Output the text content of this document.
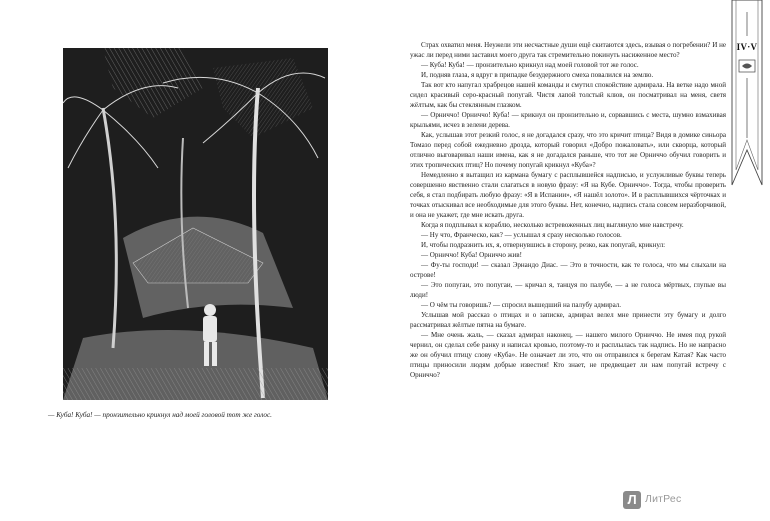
— Куба! Куба! — пронзительно крикнул над моей головой тот же голос.

Страх охватил меня. Неужели эти несчастные души ещё скитаются здесь, взывая о погребении? И не ужас ли перед ними заставил моего друга так стремительно покинуть насиженное место?

— Куба! Куба! — пронзительно крикнул над моей головой тот же голос.

И, подняв глаза, я вдруг в припадке безудержного смеха повалился на землю.

Так вот кто напугал храбрецов нашей команды и смутил спокойствие адмирала. На ветке надо мной сидел красивый серо-красный попугай. Чистя лапой толстый клюв, он посматривал на меня, светя жёлтым, как бы стеклянным глазком.

— Орниччо! Орниччо! Куба! — крикнул он пронзительно и, сорвавшись с места, шумно взмахивая крыльями, исчез в зелени дерева.

Как, услышав этот резкий голос, я не догадался сразу, что это кричит птица? Видя в домике синьора Томазо перед собой ежедневно дрозда, который говорил «Добро пожаловать», или скворца, который отлично выговаривал наши имена, как я не догадался раньше, что тот же Орниччо обучил говорить и этих тропических птиц? Но почему попугай крикнул «Куба»?

Немедленно я вытащил из кармана бумагу с расплывшейся надписью, и услужливые буквы теперь совершенно явственно стали слагаться в новую фразу: «Я на Кубе. Орниччо». Тогда, чтобы проверить себя, я стал подбирать любую фразу: «Я в Испании», «Я нашёл золото». И в расплывшихся чёрточках и точках отыскивал все необходимые для этого буквы. Нет, конечно, надпись стала совсем неразборчивой, и она не укажет, где мне искать друга.

Когда я подплывал к кораблю, несколько встревоженных лиц выглянуло мне навстречу.

— Ну что, Франческо, как? — услышал я сразу несколько голосов.

И, чтобы подразнить их, я, отвернувшись в сторону, резко, как попугай, крикнул:

— Орниччо! Куба! Орниччо жив!

— Фу-ты господи! — сказал Эрнандо Диас. — Это в точности, как те голоса, что мы слыхали на острове!

— Это попугаи, это попугаи, — кричал я, танцуя по палубе, — а не голоса мёртвых, глупые вы люди!

— О чём ты говоришь? — спросил вышедший на палубу адмирал.

Услышав мой рассказ о птицах и о записке, адмирал велел мне принести эту бумагу и долго рассматривал жёлтые пятна на бумаге.

— Мне очень жаль, — сказал адмирал наконец, — нашего милого Орниччо. Не имея под рукой чернил, он сделал себе ранку и написал кровью, поэтому-то и расплылась так надпись. Но не напрасно же он обучил птицу слову «Куба». Не означает ли это, что он отправился к берегам Катая? Как часто птицы приносили людям добрые известия! Кто знает, не предвещает ли нам попугай встречу с Орниччо?

IV·V
Л ЛитРес
